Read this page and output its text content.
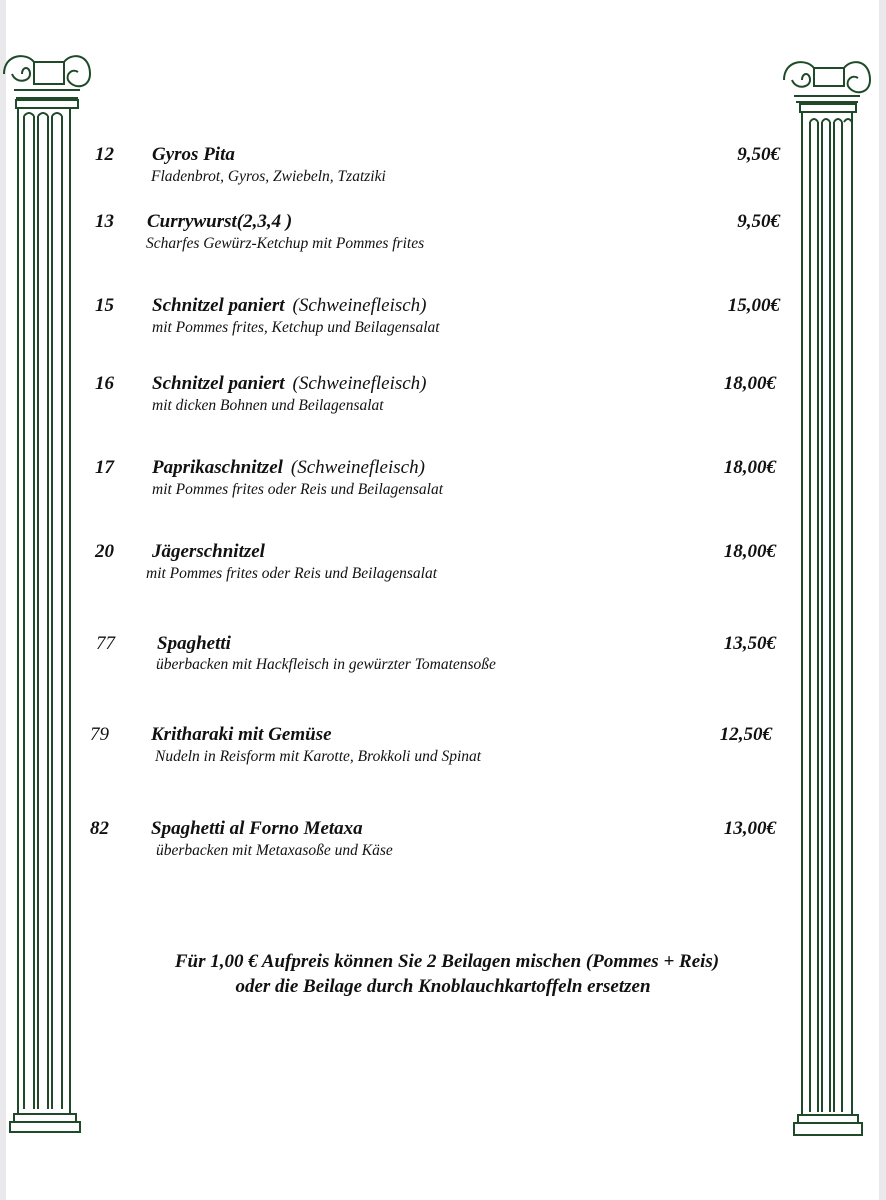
12 Gyros Pita
Fladenbrot, Gyros, Zwiebeln, Tzatziki
9,50€
13 Currywurst(2,3,4 )
Scharfes Gewürz-Ketchup mit Pommes frites
9,50€
15 Schnitzel paniert (Schweinefleisch)
mit Pommes frites, Ketchup und Beilagensalat
15,00€
16 Schnitzel paniert (Schweinefleisch)
mit dicken Bohnen und Beilagensalat
18,00€
17 Paprikaschnitzel (Schweinefleisch)
mit Pommes frites oder Reis und Beilagensalat
18,00€
20 Jägerschnitzel
mit Pommes frites oder Reis und Beilagensalat
18,00€
77 Spaghetti
überbacken mit Hackfleisch in gewürzter Tomatensoße
13,50€
79 Kritharaki mit Gemüse
Nudeln in Reisform mit Karotte, Brokkoli und Spinat
12,50€
82 Spaghetti al Forno Metaxa
überbacken mit Metaxasoße und Käse
13,00€
Für 1,00 € Aufpreis können Sie 2 Beilagen mischen (Pommes + Reis)
oder die Beilage durch Knoblauchkartoffeln ersetzen
